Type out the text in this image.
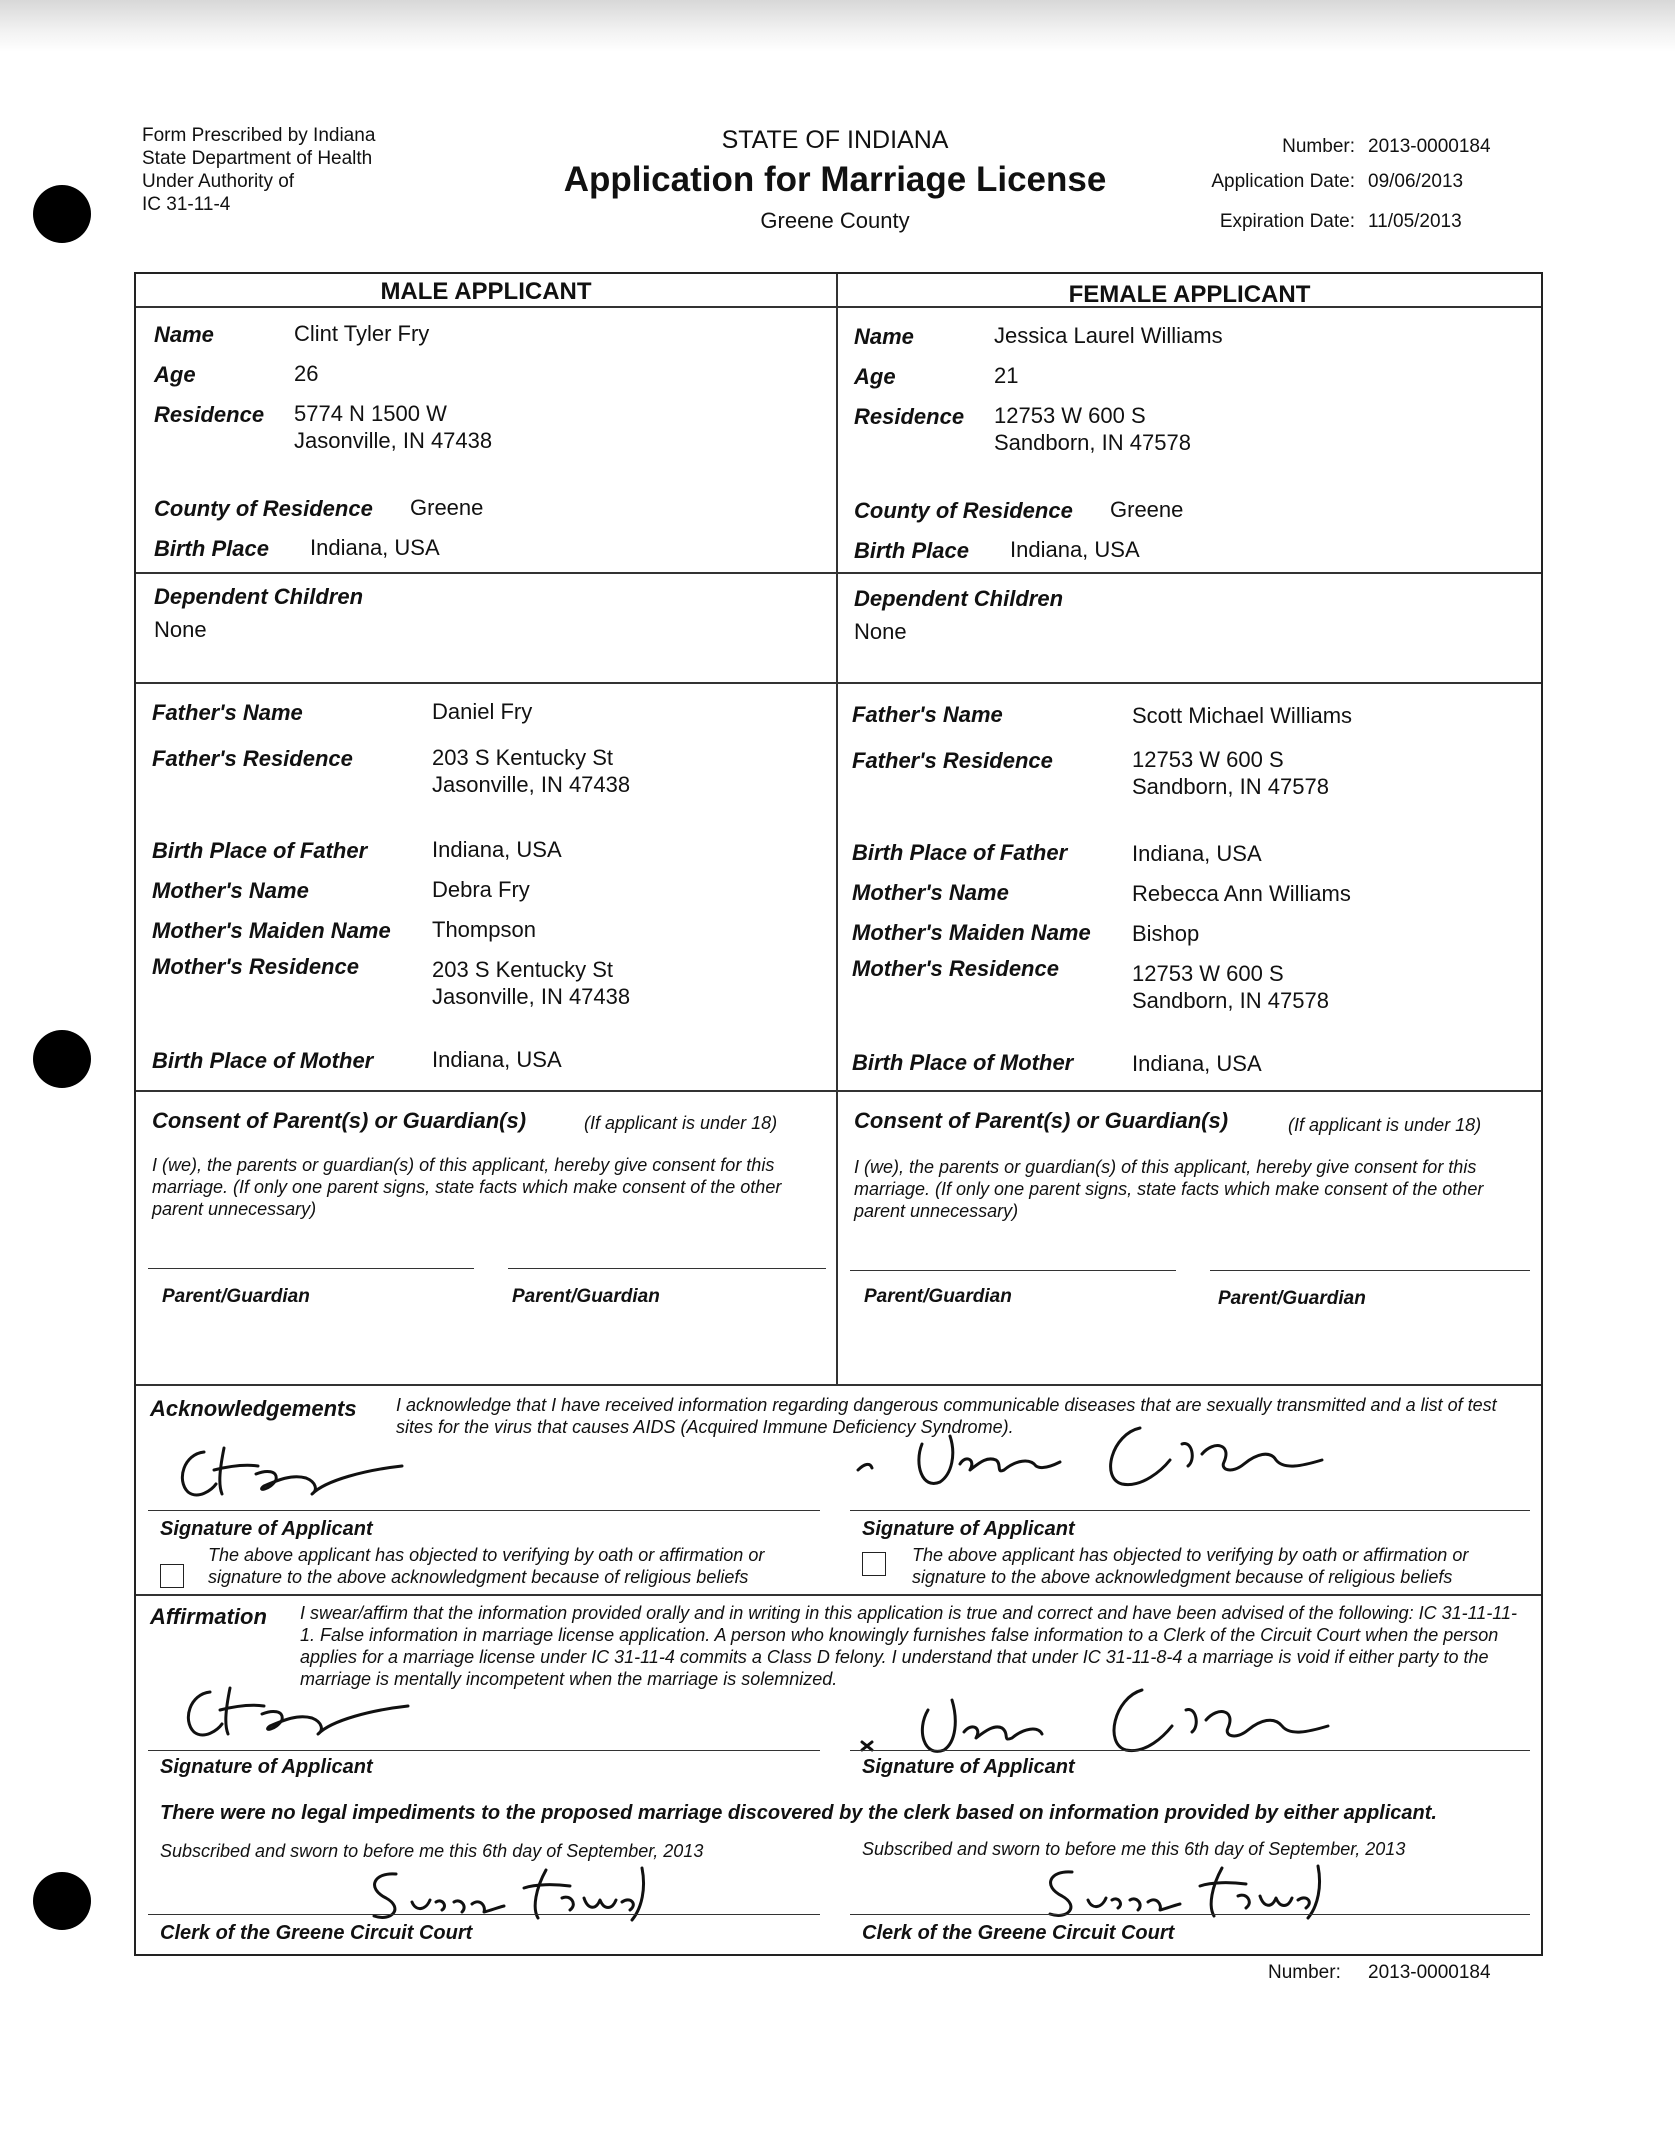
Form Prescribed by Indiana
State Department of Health
Under Authority of
IC 31-11-4
STATE OF INDIANA
Application for Marriage License
Greene County
Number: 2013-0000184
Application Date: 09/06/2013
Expiration Date: 11/05/2013
MALE APPLICANT	FEMALE APPLICANT
Name	Clint Tyler Fry
Age	26
Residence 5774 N 1500 W
Jasonville, IN 47438
County of Residence Greene
Birth Place Indiana, USA
Dependent Children
None
Father's Name	Daniel Fry
Father's Residence	203 S Kentucky St
Jasonville, IN 47438
Birth Place of Father	Indiana, USA
Mother's Name	Debra Fry
Mother's Maiden Name Thompson
Mother's Residence	203 S Kentucky St
Jasonville, IN 47438
Birth Place of Mother	Indiana, USA
Name	Jessica Laurel Williams
Age	21
Residence 12753 W 600 S
Sandborn, IN 47578
County of Residence Greene
Birth Place Indiana, USA
Dependent Children
None
Father's Name	Scott Michael Williams
Father's Residence	12753 W 600 S
Sandborn, IN 47578
Birth Place of Father	Indiana, USA
Mother's Name	Rebecca Ann Williams
Mother's Maiden Name Bishop
Mother's Residence	12753 W 600 S
Sandborn, IN 47578
Birth Place of Mother	Indiana, USA
Consent of Parent(s) or Guardian(s)	(If applicant is under 18)
I (we), the parents or guardian(s) of this applicant, hereby give consent for this marriage. (If only one parent signs, state facts which make consent of the other parent unnecessary)
Parent/Guardian	Parent/Guardian
Consent of Parent(s) or Guardian(s)	(If applicant is under 18)
I (we), the parents or guardian(s) of this applicant, hereby give consent for this marriage. (If only one parent signs, state facts which make consent of the other parent unnecessary)
Parent/Guardian	Parent/Guardian
Acknowledgements I acknowledge that I have received information regarding dangerous communicable diseases that are sexually transmitted and a list of test sites for the virus that causes AIDS (Acquired Immune Deficiency Syndrome).
Signature of Applicant
The above applicant has objected to verifying by oath or affirmation or signature to the above acknowledgment because of religious beliefs
Signature of Applicant
The above applicant has objected to verifying by oath or affirmation or signature to the above acknowledgment because of religious beliefs
Affirmation I swear/affirm that the information provided orally and in writing in this application is true and correct and have been advised of the following: IC 31-11-11-1. False information in marriage license application. A person who knowingly furnishes false information to a Clerk of the Circuit Court when the person applies for a marriage license under IC 31-11-4 commits a Class D felony. I understand that under IC 31-11-8-4 a marriage is void if either party to the marriage is mentally incompetent when the marriage is solemnized.
Signature of Applicant	Signature of Applicant
There were no legal impediments to the proposed marriage discovered by the clerk based on information provided by either applicant.
Subscribed and sworn to before me this 6th day of September, 2013	Subscribed and sworn to before me this 6th day of September, 2013
Clerk of the Greene Circuit Court	Clerk of the Greene Circuit Court
Number: 2013-0000184
